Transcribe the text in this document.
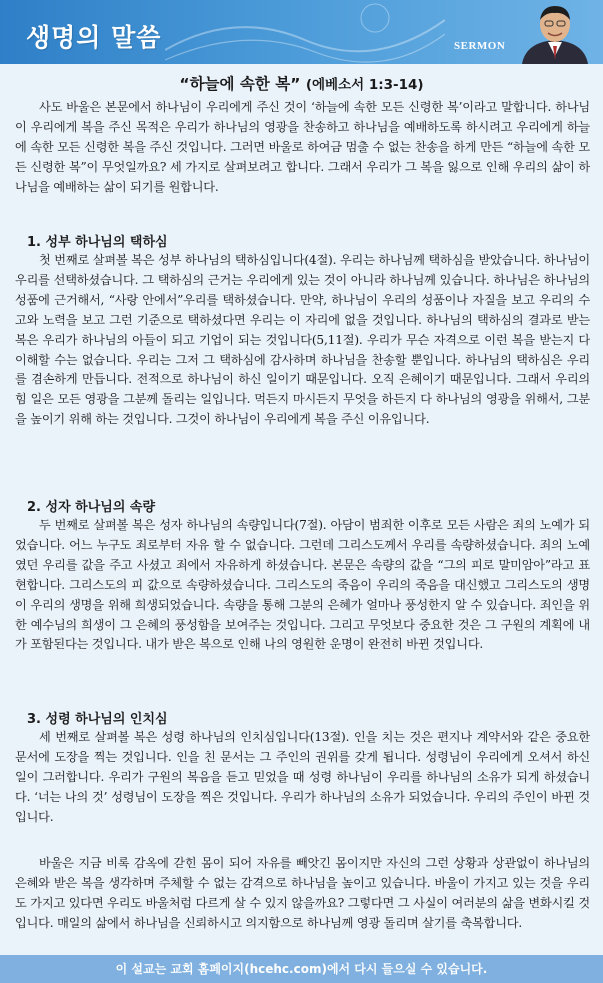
생명의 말씀	SERMON
“하늘에 속한 복” (에베소서 1:3-14)
사도 바울은 본문에서 하나님이 우리에게 주신 것이 ‘하늘에 속한 모든 신령한 복’이라고 말합니다. 하나님이 우리에게 복을 주신 목적은 우리가 하나님의 영광을 찬송하고 하나님을 예배하도록 하시려고 우리에게 하늘에 속한 모든 신령한 복을 주신 것입니다. 그러면 바울로 하여금 멈출 수 없는 찬송을 하게 만든 “하늘에 속한 모든 신령한 복”이 무엇일까요? 세 가지로 살펴보려고 합니다. 그래서 우리가 그 복을 잃으로 인해 우리의 삶이 하나님을 예배하는 삶이 되기를 원합니다.
1. 성부 하나님의 택하심
첫 번째로 살펴볼 복은 성부 하나님의 택하심입니다(4절). 우리는 하나님께 택하심을 받았습니다. 하나님이 우리를 선택하셨습니다. 그 택하심의 근거는 우리에게 있는 것이 아니라 하나님께 있습니다. 하나님은 하나님의 성품에 근거해서, “사랑 안에서”우리를 택하셨습니다. 만약, 하나님이 우리의 성품이나 자질을 보고 우리의 수고와 노력을 보고 그런 기준으로 택하셨다면 우리는 이 자리에 없을 것입니다. 하나님의 택하심의 결과로 받는 복은 우리가 하나님의 아들이 되고 기업이 되는 것입니다(5,11절). 우리가 무슨 자격으로 이런 복을 받는지 다 이해할 수는 없습니다. 우리는 그저 그 택하심에 감사하며 하나님을 찬송할 뿐입니다. 하나님의 택하심은 우리를 겸손하게 만듭니다. 전적으로 하나님이 하신 일이기 때문입니다. 오직 은혜이기 때문입니다. 그래서 우리의 힘 일은 모든 영광을 그분께 돌리는 일입니다. 먹든지 마시든지 무엇을 하든지 다 하나님의 영광을 위해서, 그분을 높이기 위해 하는 것입니다. 그것이 하나님이 우리에게 복을 주신 이유입니다.
2. 성자 하나님의 속량
두 번째로 살펴볼 복은 성자 하나님의 속량입니다(7절). 아담이 범죄한 이후로 모든 사람은 죄의 노예가 되었습니다. 어느 누구도 죄로부터 자유 할 수 없습니다. 그런데 그리스도께서 우리를 속량하셨습니다. 죄의 노예였던 우리를 값을 주고 사셨고 죄에서 자유하게 하셨습니다. 본문은 속량의 값을 “그의 피로 말미암아”라고 표현합니다. 그리스도의 피 값으로 속량하셨습니다. 그리스도의 죽음이 우리의 죽음을 대신했고 그리스도의 생명이 우리의 생명을 위해 희생되었습니다. 속량을 통해 그분의 은혜가 얼마나 풍성한지 알 수 있습니다. 죄인을 위한 예수님의 희생이 그 은혜의 풍성함을 보여주는 것입니다. 그리고 무엇보다 중요한 것은 그 구원의 계획에 내가 포함된다는 것입니다. 내가 받은 복으로 인해 나의 영원한 운명이 완전히 바뀐 것입니다.
3. 성령 하나님의 인치심
세 번째로 살펴볼 복은 성령 하나님의 인치심입니다(13절). 인을 치는 것은 편지나 계약서와 같은 중요한 문서에 도장을 찍는 것입니다. 인을 친 문서는 그 주인의 권위를 갖게 됩니다. 성령님이 우리에게 오셔서 하신 일이 그러합니다. 우리가 구원의 복음을 듣고 믿었을 때 성령 하나님이 우리를 하나님의 소유가 되게 하셨습니다. ‘너는 나의 것’ 성령님이 도장을 찍은 것입니다. 우리가 하나님의 소유가 되었습니다. 우리의 주인이 바뀐 것입니다.
바울은 지금 비록 감옥에 갇힌 몸이 되어 자유를 빼앗긴 몸이지만 자신의 그런 상황과 상관없이 하나님의 은혜와 받은 복을 생각하며 주체할 수 없는 감격으로 하나님을 높이고 있습니다. 바울이 가지고 있는 것을 우리도 가지고 있다면 우리도 바울처럼 다르게 살 수 있지 않을까요? 그렇다면 그 사실이 여러분의 삶을 변화시킬 것입니다. 매일의 삶에서 하나님을 신뢰하시고 의지함으로 하나님께 영광 돌리며 살기를 축복합니다.
이 설교는 교회 홈페이지(hcehc.com)에서 다시 들으실 수 있습니다.
